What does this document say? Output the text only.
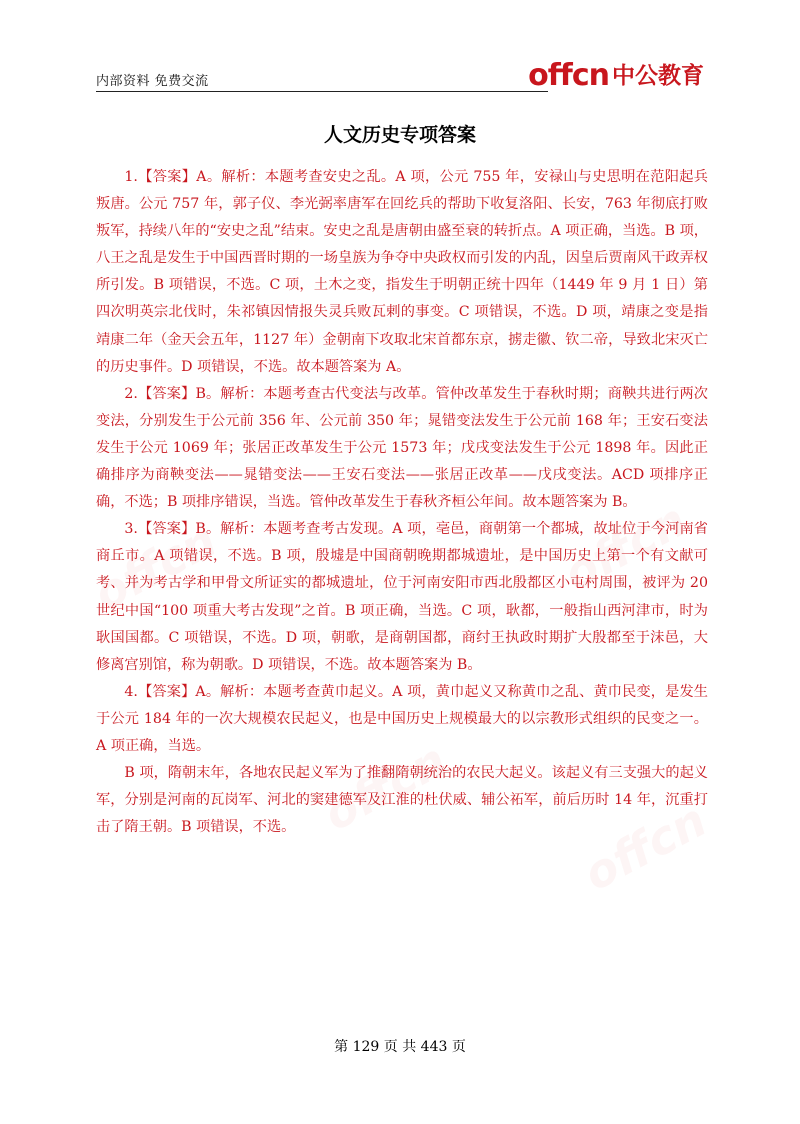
内部资料 免费交流	offcn 中公教育
人文历史专项答案

1.【答案】A。解析：本题考查安史之乱。A 项，公元 755 年，安禄山与史思明在范阳起兵叛唐。公元 757 年，郭子仪、李光弼率唐军在回纥兵的帮助下收复洛阳、长安，763 年彻底打败叛军，持续八年的“安史之乱”结束。安史之乱是唐朝由盛至衰的转折点。A 项正确，当选。B 项，八王之乱是发生于中国西晋时期的一场皇族为争夺中央政权而引发的内乱，因皇后贾南风干政弄权所引发。B 项错误，不选。C 项，土木之变，指发生于明朝正统十四年（1449 年 9 月 1 日）第四次明英宗北伐时，朱祁镇因情报失灵兵败瓦剌的事变。C 项错误，不选。D 项，靖康之变是指靖康二年（金天会五年，1127 年）金朝南下攻取北宋首都东京，掳走徽、钦二帝，导致北宋灭亡的历史事件。D 项错误，不选。故本题答案为 A。

2.【答案】B。解析：本题考查古代变法与改革。管仲改革发生于春秋时期；商鞅共进行两次变法，分别发生于公元前 356 年、公元前 350 年；晁错变法发生于公元前 168 年；王安石变法发生于公元 1069 年；张居正改革发生于公元 1573 年；戊戌变法发生于公元 1898 年。因此正确排序为商鞅变法——晁错变法——王安石变法——张居正改革——戊戌变法。ACD 项排序正确，不选；B 项排序错误，当选。管仲改革发生于春秋齐桓公年间。故本题答案为 B。

3.【答案】B。解析：本题考查考古发现。A 项，亳邑，商朝第一个都城，故址位于今河南省商丘市。A 项错误，不选。B 项，殷墟是中国商朝晚期都城遗址，是中国历史上第一个有文献可考、并为考古学和甲骨文所证实的都城遗址，位于河南安阳市西北殷都区小屯村周围，被评为 20 世纪中国“100 项重大考古发现”之首。B 项正确，当选。C 项，耿都，一般指山西河津市，时为耿国国都。C 项错误，不选。D 项，朝歌，是商朝国都，商纣王执政时期扩大殷都至于沬邑，大修离宫别馆，称为朝歌。D 项错误，不选。故本题答案为 B。

4.【答案】A。解析：本题考查黄巾起义。A 项，黄巾起义又称黄巾之乱、黄巾民变，是发生于公元 184 年的一次大规模农民起义，也是中国历史上规模最大的以宗教形式组织的民变之一。A 项正确，当选。

B 项，隋朝末年，各地农民起义军为了推翻隋朝统治的农民大起义。该起义有三支强大的起义军，分别是河南的瓦岗军、河北的窦建德军及江淮的杜伏威、辅公祏军，前后历时 14 年，沉重打击了隋王朝。B 项错误，不选。

第 129 页 共 443 页
